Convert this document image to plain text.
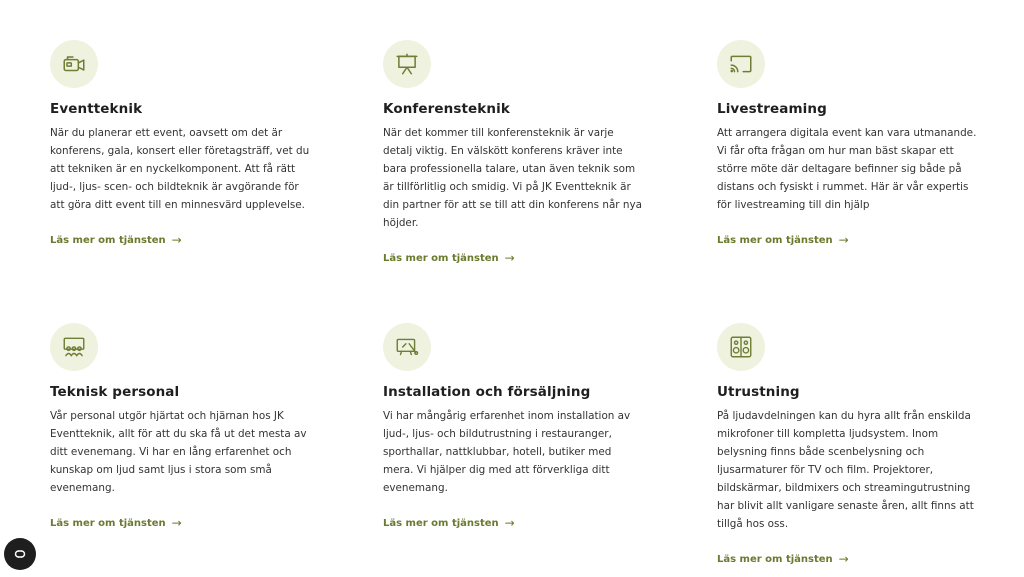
Eventteknik
När du planerar ett event, oavsett om det är konferens, gala, konsert eller företagsträff, vet du att tekniken är en nyckelkomponent. Att få rätt ljud-, ljus- scen- och bildteknik är avgörande för att göra ditt event till en minnesvärd upplevelse.
Läs mer om tjänsten →
Konferensteknik
När det kommer till konferensteknik är varje detalj viktig. En välskött konferens kräver inte bara professionella talare, utan även teknik som är tillförlitlig och smidig. Vi på JK Eventteknik är din partner för att se till att din konferens når nya höjder.
Läs mer om tjänsten →
Livestreaming
Att arrangera digitala event kan vara utmanande. Vi får ofta frågan om hur man bäst skapar ett större möte där deltagare befinner sig både på distans och fysiskt i rummet. Här är vår expertis för livestreaming till din hjälp
Läs mer om tjänsten →
Teknisk personal
Vår personal utgör hjärtat och hjärnan hos JK Eventteknik, allt för att du ska få ut det mesta av ditt evenemang. Vi har en lång erfarenhet och kunskap om ljud samt ljus i stora som små evenemang.
Läs mer om tjänsten →
Installation och försäljning
Vi har mångårig erfarenhet inom installation av ljud-, ljus- och bildutrustning i restauranger, sporthallar, nattklubbar, hotell, butiker med mera. Vi hjälper dig med att förverkliga ditt evenemang.
Läs mer om tjänsten →
Utrustning
På ljudavdelningen kan du hyra allt från enskilda mikrofoner till kompletta ljudsystem. Inom belysning finns både scenbelysning och ljusarmaturer för TV och film. Projektorer, bildskärmar, bildmixers och streamingutrustning har blivit allt vanligare senaste åren, allt finns att tillgå hos oss.
Läs mer om tjänsten →
